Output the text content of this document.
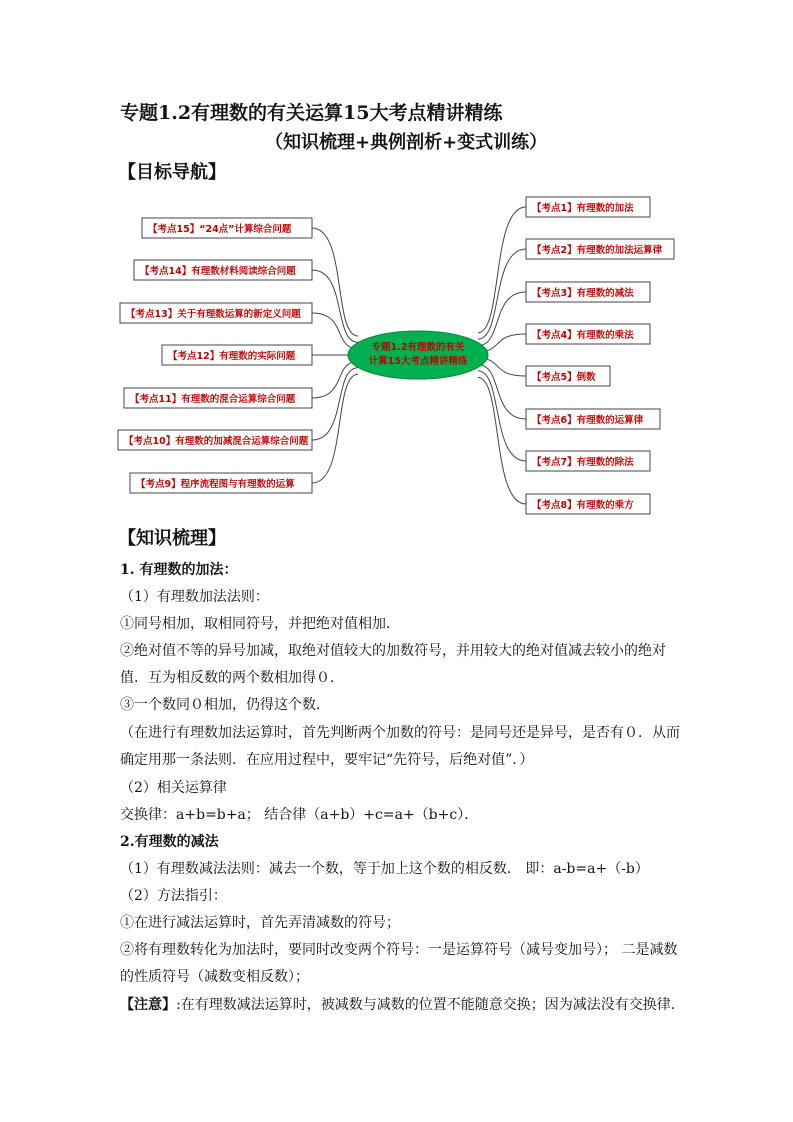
专题1.2有理数的有关运算15大考点精讲精练
（知识梳理+典例剖析+变式训练）
【目标导航】
【考点1】有理数的加法
【考点2】有理数的加法运算律
【考点3】有理数的减法
【考点4】有理数的乘法
【考点5】倒数
【考点6】有理数的运算律
【考点7】有理数的除法
【考点8】有理数的乘方
【考点15】“24点”计算综合问题
【考点14】有理数材料阅读综合问题
【考点13】关于有理数运算的新定义问题
【考点12】有理数的实际问题
【考点11】有理数的混合运算综合问题
【考点10】有理数的加减混合运算综合问题
【考点9】程序流程图与有理数的运算
专题1.2有理数的有关
计算15大考点精讲精练
【知识梳理】
1. 有理数的加法：
（1）有理数加法法则：
①同号相加，取相同符号，并把绝对值相加．
②绝对值不等的异号加减，取绝对值较大的加数符号，并用较大的绝对值减去较小的绝对
值．互为相反数的两个数相加得０．
③一个数同０相加，仍得这个数．
（在进行有理数加法运算时，首先判断两个加数的符号：是同号还是异号，是否有０．从而
确定用那一条法则．在应用过程中，要牢记“先符号，后绝对值”．）
（2）相关运算律
交换律：a+b=b+a； 结合律（a+b）+c=a+（b+c）．
2.有理数的减法
（1）有理数减法法则：减去一个数，等于加上这个数的相反数． 即：a-b=a+（-b）
（2）方法指引：
①在进行减法运算时，首先弄清减数的符号；
②将有理数转化为加法时，要同时改变两个符号：一是运算符号（减号变加号）； 二是减数
的性质符号（减数变相反数）；
【注意】:在有理数减法运算时，被减数与减数的位置不能随意交换；因为减法没有交换律．
